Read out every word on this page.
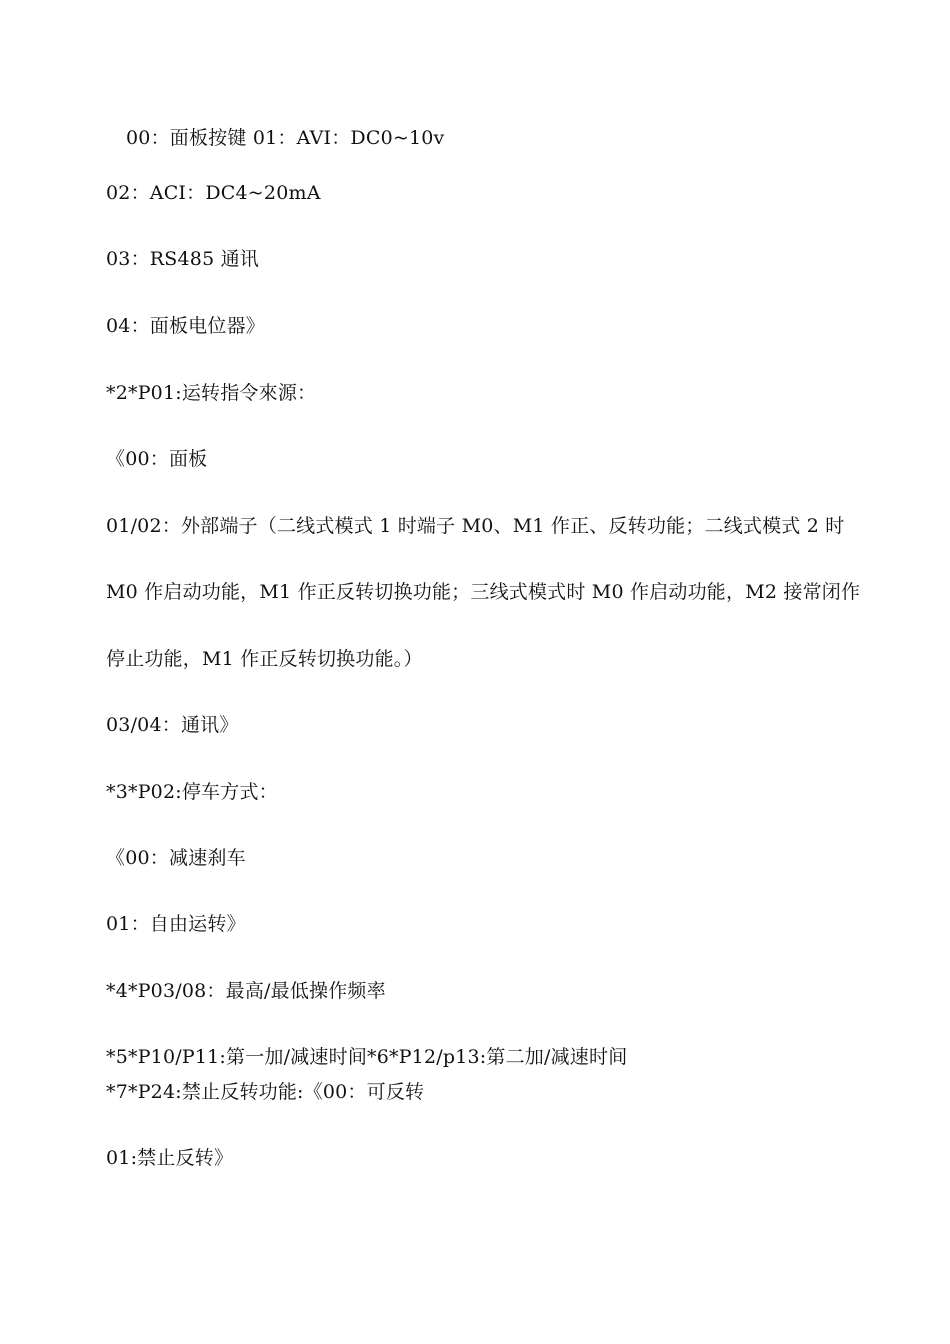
00：面板按键 01：AVI：DC0~10v
02：ACI：DC4~20mA
03：RS485 通讯
04：面板电位器》
*2*P01:运转指令來源：
《00：面板
01/02：外部端子（二线式模式 1 时端子 M0、M1 作正、反转功能；二线式模式 2 时
M0 作启动功能，M1 作正反转切换功能；三线式模式时 M0 作启动功能，M2 接常闭作
停止功能，M1 作正反转切换功能。）
03/04：通讯》
*3*P02:停车方式：
《00：减速刹车
01：自由运转》
*4*P03/08：最高/最低操作频率
*5*P10/P11:第一加/减速时间*6*P12/p13:第二加/减速时间
*7*P24:禁止反转功能:《00：可反转
01:禁止反转》
